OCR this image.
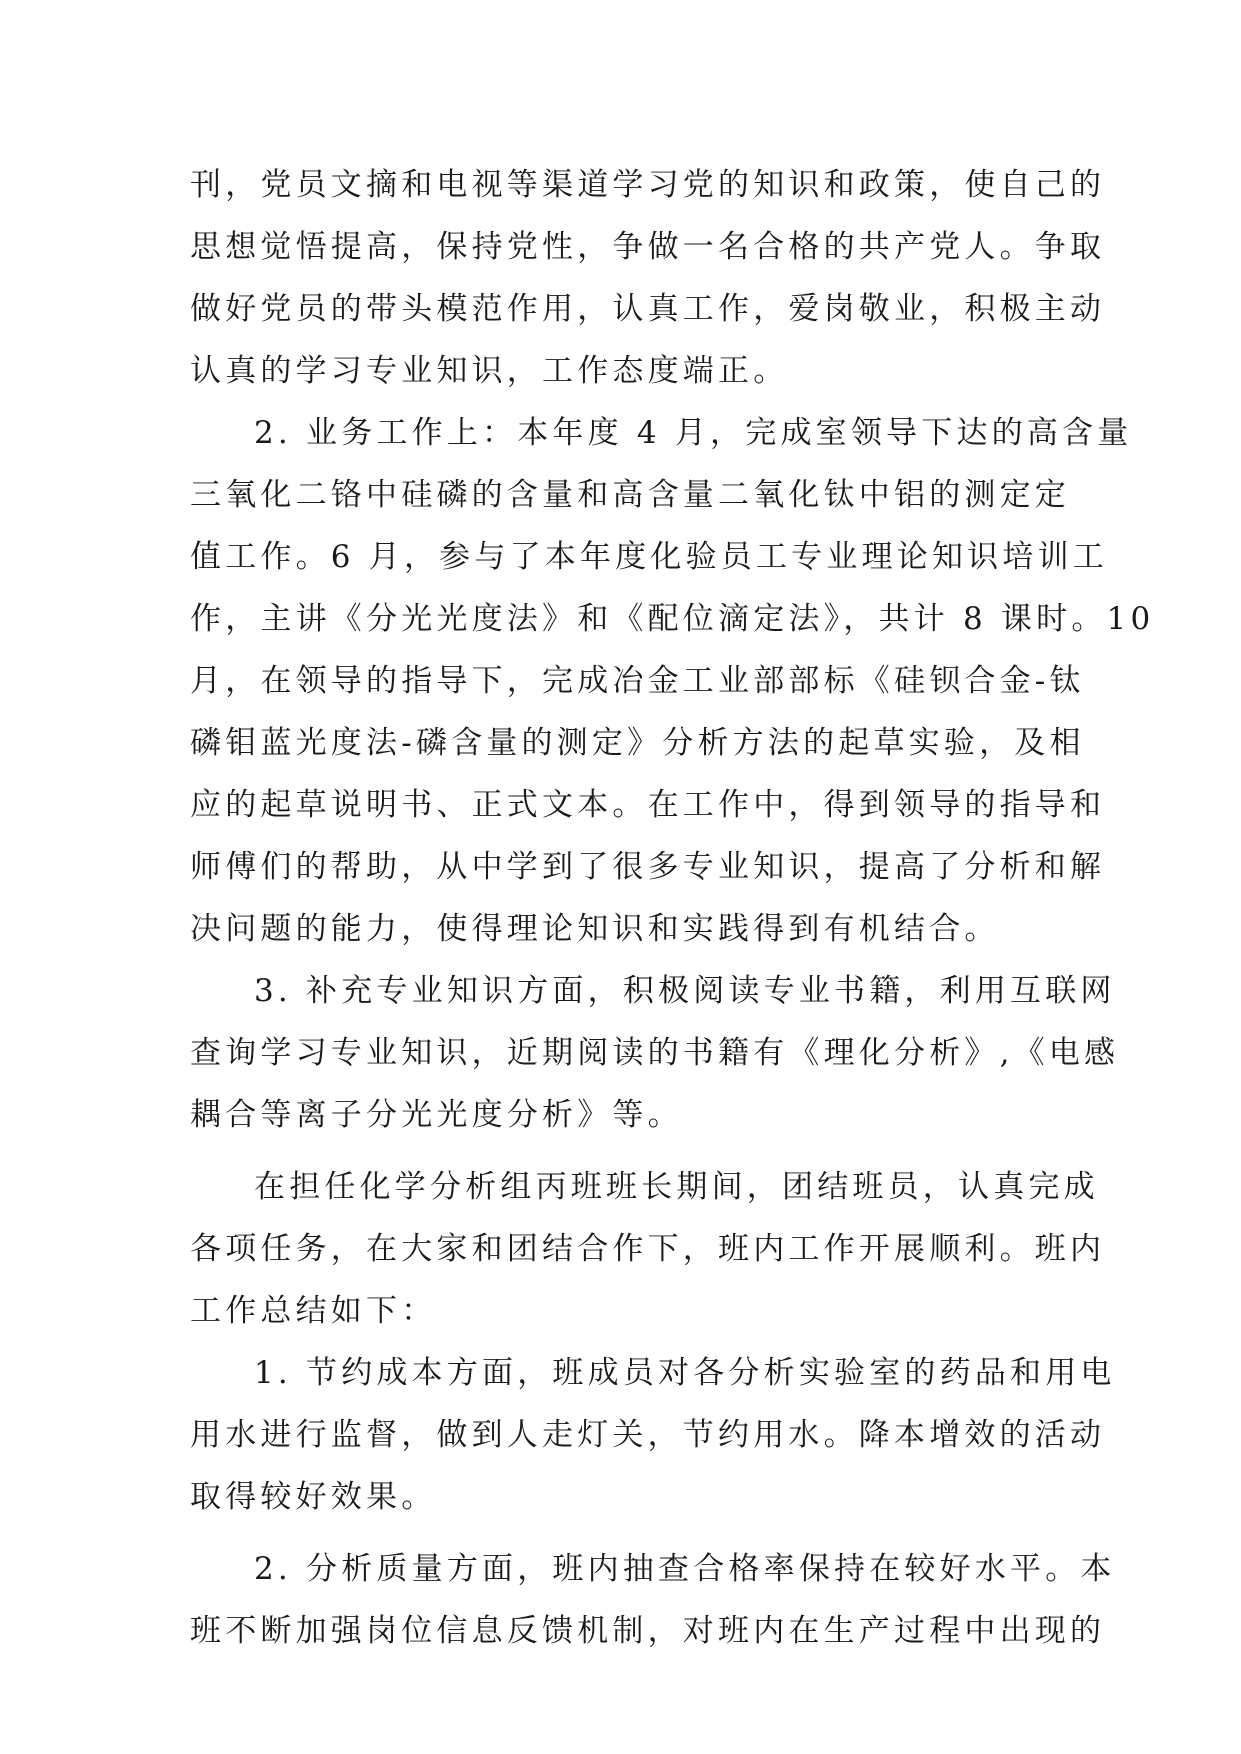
刊，党员文摘和电视等渠道学习党的知识和政策，使自己的
思想觉悟提高，保持党性，争做一名合格的共产党人。争取
做好党员的带头模范作用，认真工作，爱岗敬业，积极主动
认真的学习专业知识，工作态度端正。
2. 业务工作上：本年度 4 月，完成室领导下达的高含量
三氧化二铬中硅磷的含量和高含量二氧化钛中铝的测定定
值工作。6 月，参与了本年度化验员工专业理论知识培训工
作，主讲《分光光度法》和《配位滴定法》，共计 8 课时。10
月，在领导的指导下，完成冶金工业部部标《硅钡合金-钛
磷钼蓝光度法-磷含量的测定》分析方法的起草实验，及相
应的起草说明书、正式文本。在工作中，得到领导的指导和
师傅们的帮助，从中学到了很多专业知识，提高了分析和解
决问题的能力，使得理论知识和实践得到有机结合。
3. 补充专业知识方面，积极阅读专业书籍，利用互联网
查询学习专业知识，近期阅读的书籍有《理化分析》,《电感
耦合等离子分光光度分析》等。
在担任化学分析组丙班班长期间，团结班员，认真完成
各项任务，在大家和团结合作下，班内工作开展顺利。班内
工作总结如下：
1. 节约成本方面，班成员对各分析实验室的药品和用电
用水进行监督，做到人走灯关，节约用水。降本增效的活动
取得较好效果。
2. 分析质量方面，班内抽查合格率保持在较好水平。本
班不断加强岗位信息反馈机制，对班内在生产过程中出现的
